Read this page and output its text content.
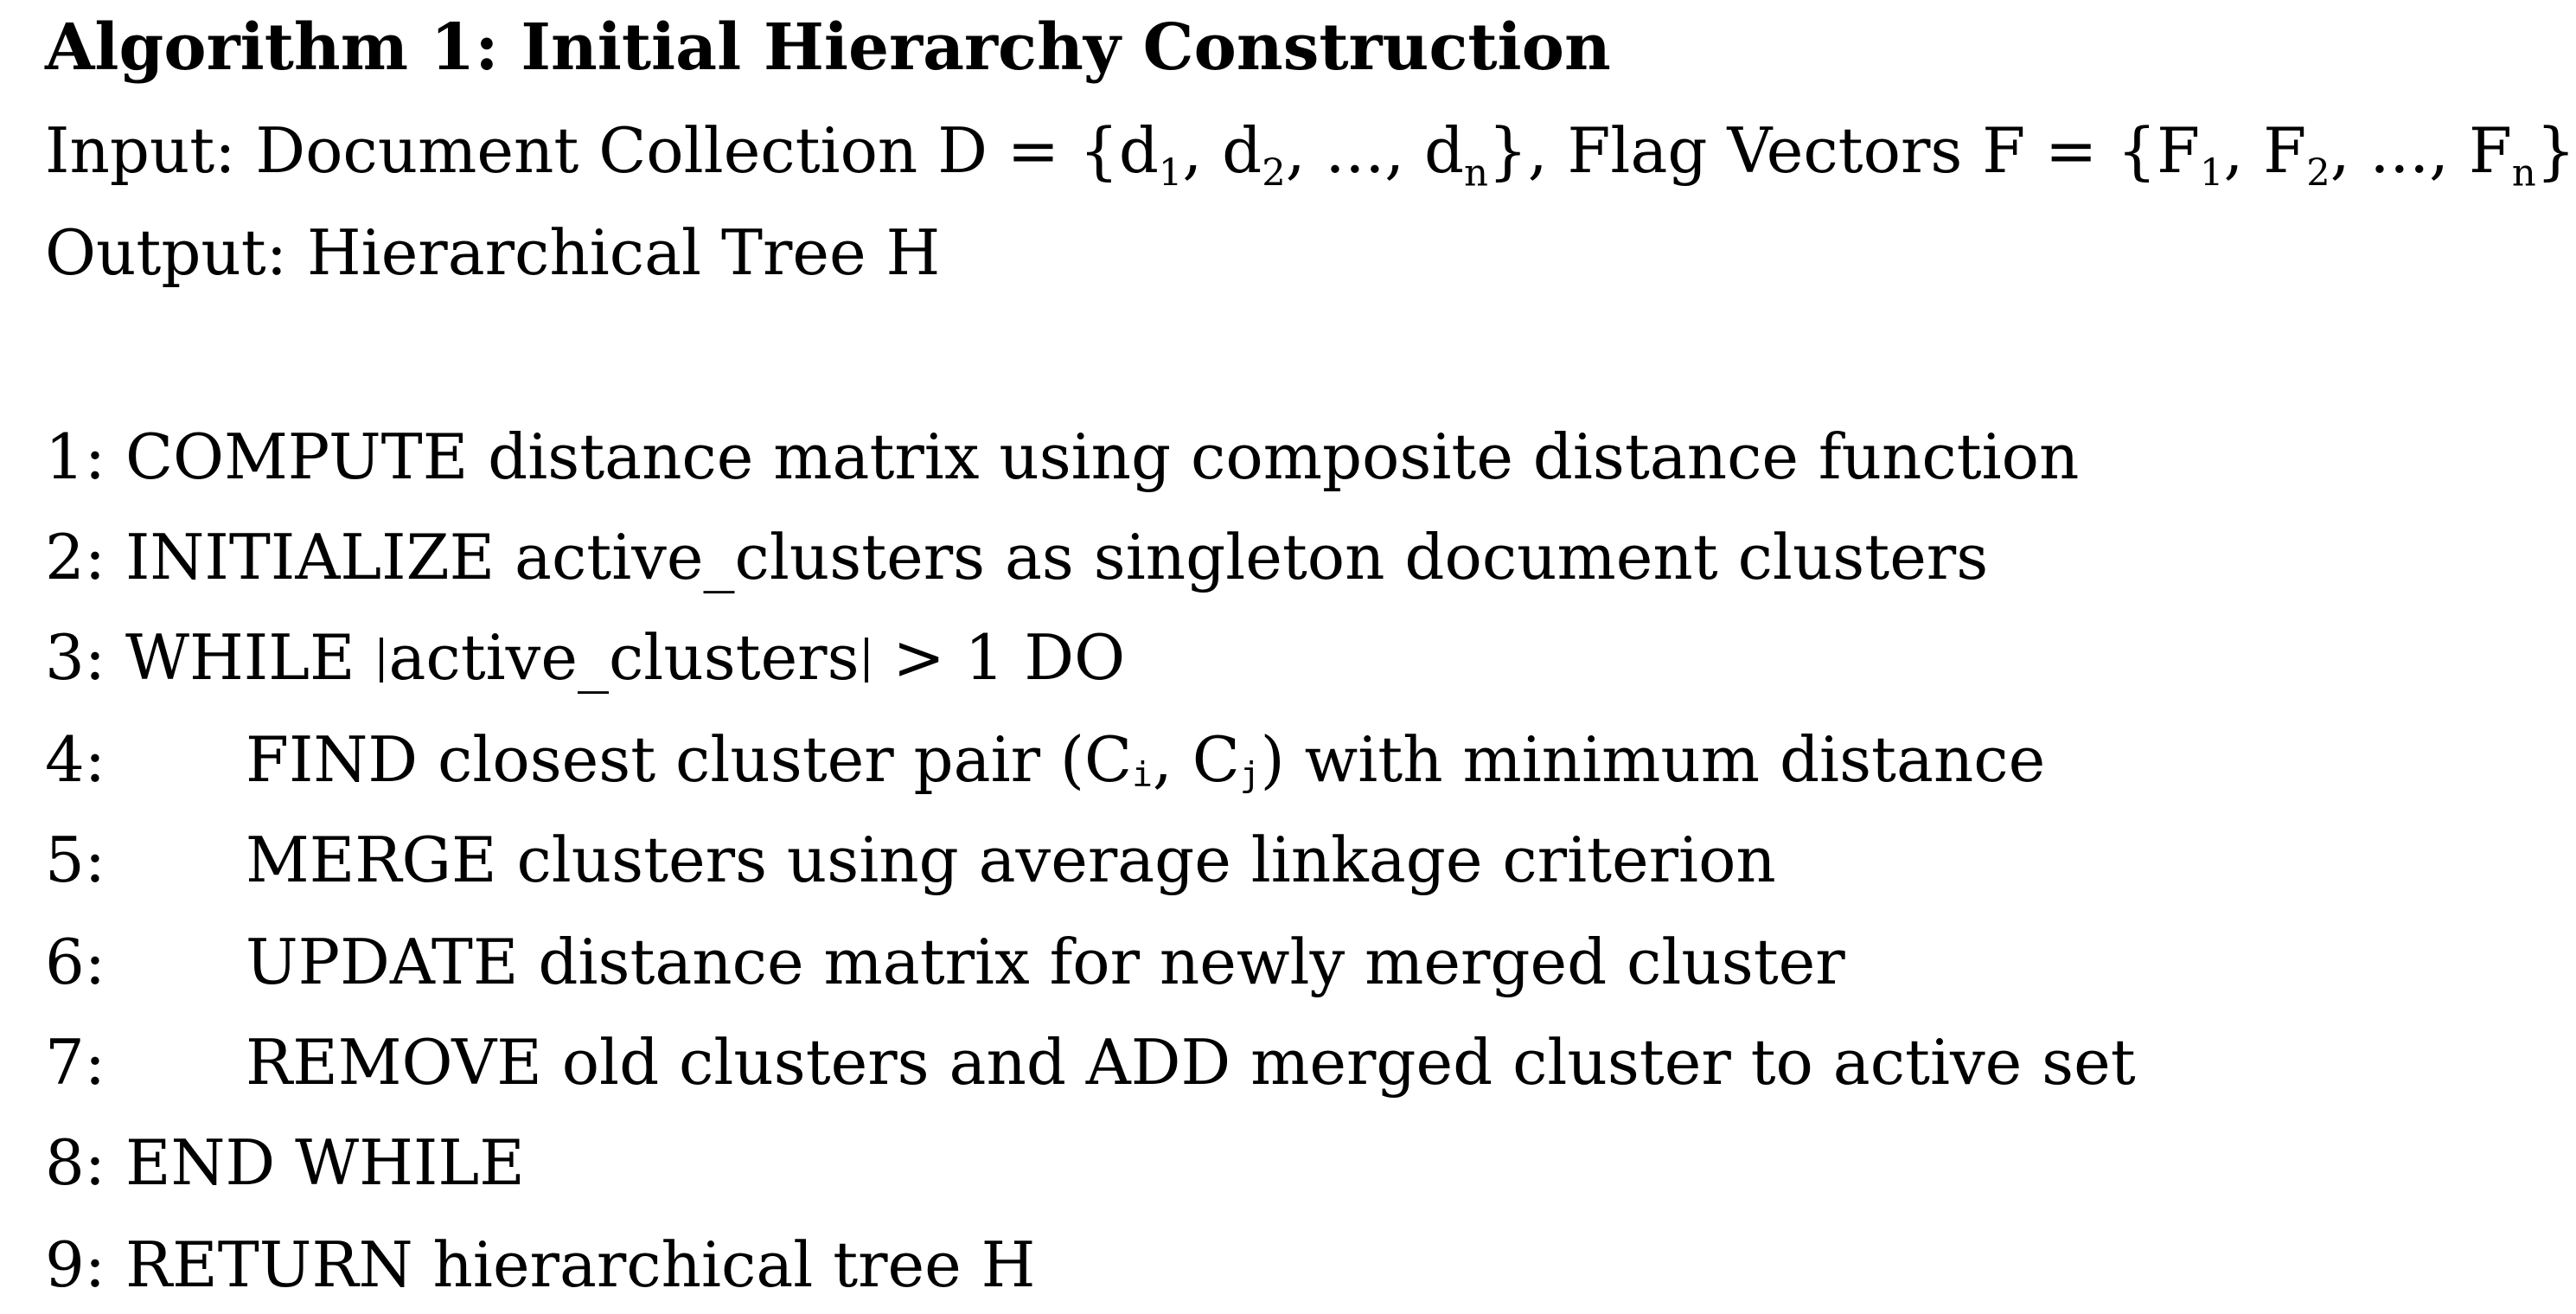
Algorithm 1: Initial Hierarchy Construction
Input: Document Collection $D = \{d_1$, $d_2$, ..., $d_n$}, Flag Vectors $F = \{F_1$, $F_2$, ..., $F_n$}
Output: Hierarchical Tree H
1: COMPUTE distance matrix using composite distance function
2: INITIALIZE active_clusters as singleton document clusters
3: WHILE active_clusters > 1 DO
4: FIND closest cluster pair (Ci, Cj) with minimum distance
5: MERGE clusters using average linkage criterion
6: UPDATE distance matrix for newly merged cluster
7: REMOVE old clusters and ADD merged cluster to active set
8: END WHILE
9: RETURN hierarchical tree H
